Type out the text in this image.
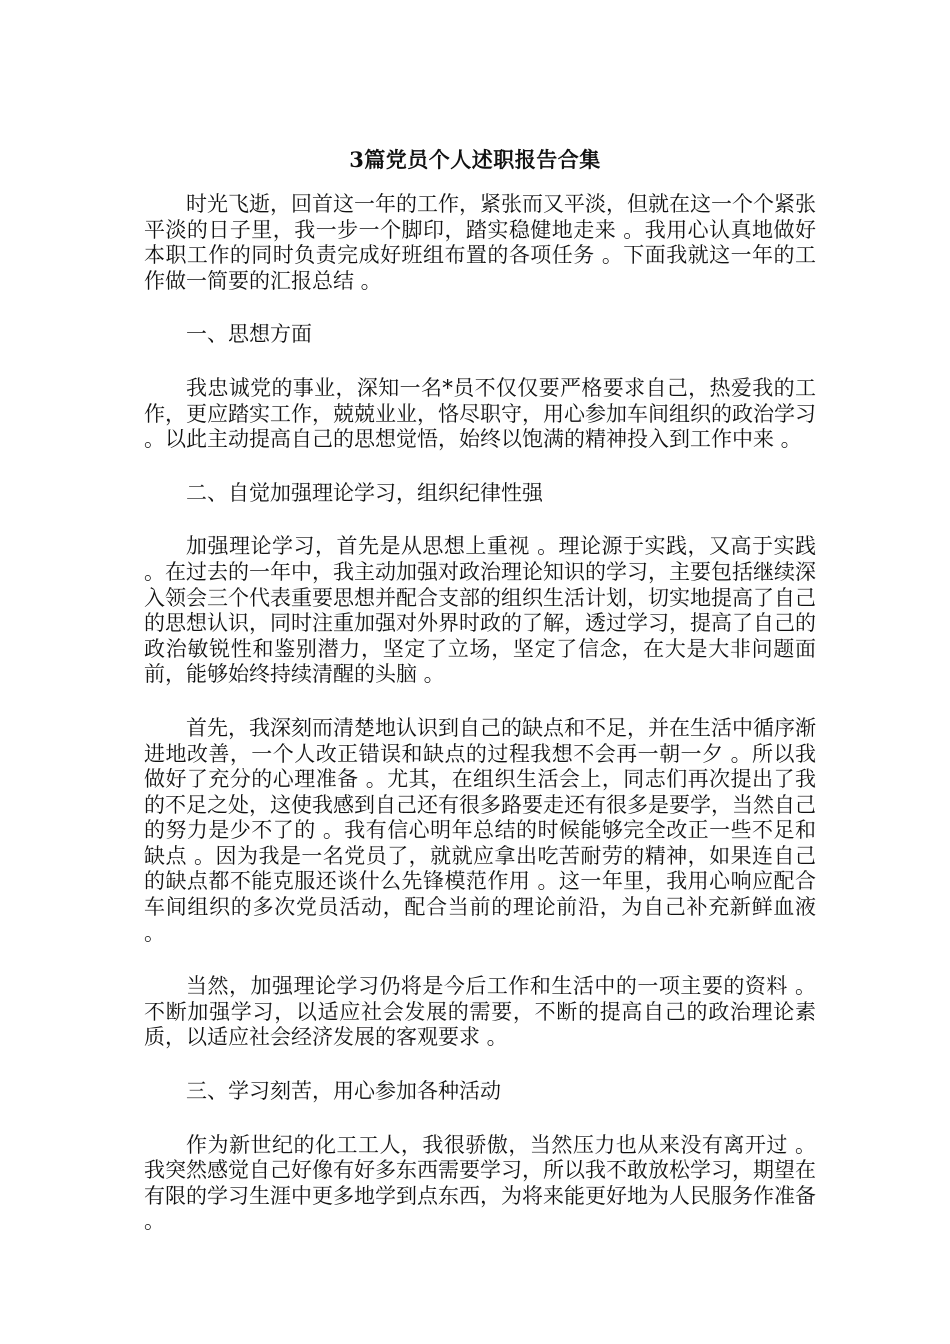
3篇党员个人述职报告合集

时光飞逝，回首这一年的工作，紧张而又平淡，但就在这一个个紧张平淡的日子里，我一步一个脚印，踏实稳健地走来 。我用心认真地做好本职工作的同时负责完成好班组布置的各项任务 。下面我就这一年的工作做一简要的汇报总结 。

一、思想方面

我忠诚党的事业，深知一名*员不仅仅要严格要求自己，热爱我的工作，更应踏实工作，兢兢业业，恪尽职守，用心参加车间组织的政治学习 。以此主动提高自己的思想觉悟，始终以饱满的精神投入到工作中来 。

二、自觉加强理论学习，组织纪律性强

加强理论学习，首先是从思想上重视 。理论源于实践，又高于实践 。在过去的一年中，我主动加强对政治理论知识的学习，主要包括继续深入领会三个代表重要思想并配合支部的组织生活计划，切实地提高了自己的思想认识，同时注重加强对外界时政的了解，透过学习，提高了自己的政治敏锐性和鉴别潜力，坚定了立场，坚定了信念，在大是大非问题面前，能够始终持续清醒的头脑 。

首先，我深刻而清楚地认识到自己的缺点和不足，并在生活中循序渐进地改善，一个人改正错误和缺点的过程我想不会再一朝一夕 。所以我做好了充分的心理准备 。尤其，在组织生活会上，同志们再次提出了我的不足之处，这使我感到自己还有很多路要走还有很多是要学，当然自己的努力是少不了的 。我有信心明年总结的时候能够完全改正一些不足和缺点 。因为我是一名党员了，就就应拿出吃苦耐劳的精神，如果连自己的缺点都不能克服还谈什么先锋模范作用 。这一年里，我用心响应配合车间组织的多次党员活动，配合当前的理论前沿，为自己补充新鲜血液 。

当然，加强理论学习仍将是今后工作和生活中的一项主要的资料 。不断加强学习，以适应社会发展的需要，不断的提高自己的政治理论素质，以适应社会经济发展的客观要求 。

三、学习刻苦，用心参加各种活动

作为新世纪的化工工人，我很骄傲，当然压力也从来没有离开过 。我突然感觉自己好像有好多东西需要学习，所以我不敢放松学习，期望在有限的学习生涯中更多地学到点东西，为将来能更好地为人民服务作准备 。
